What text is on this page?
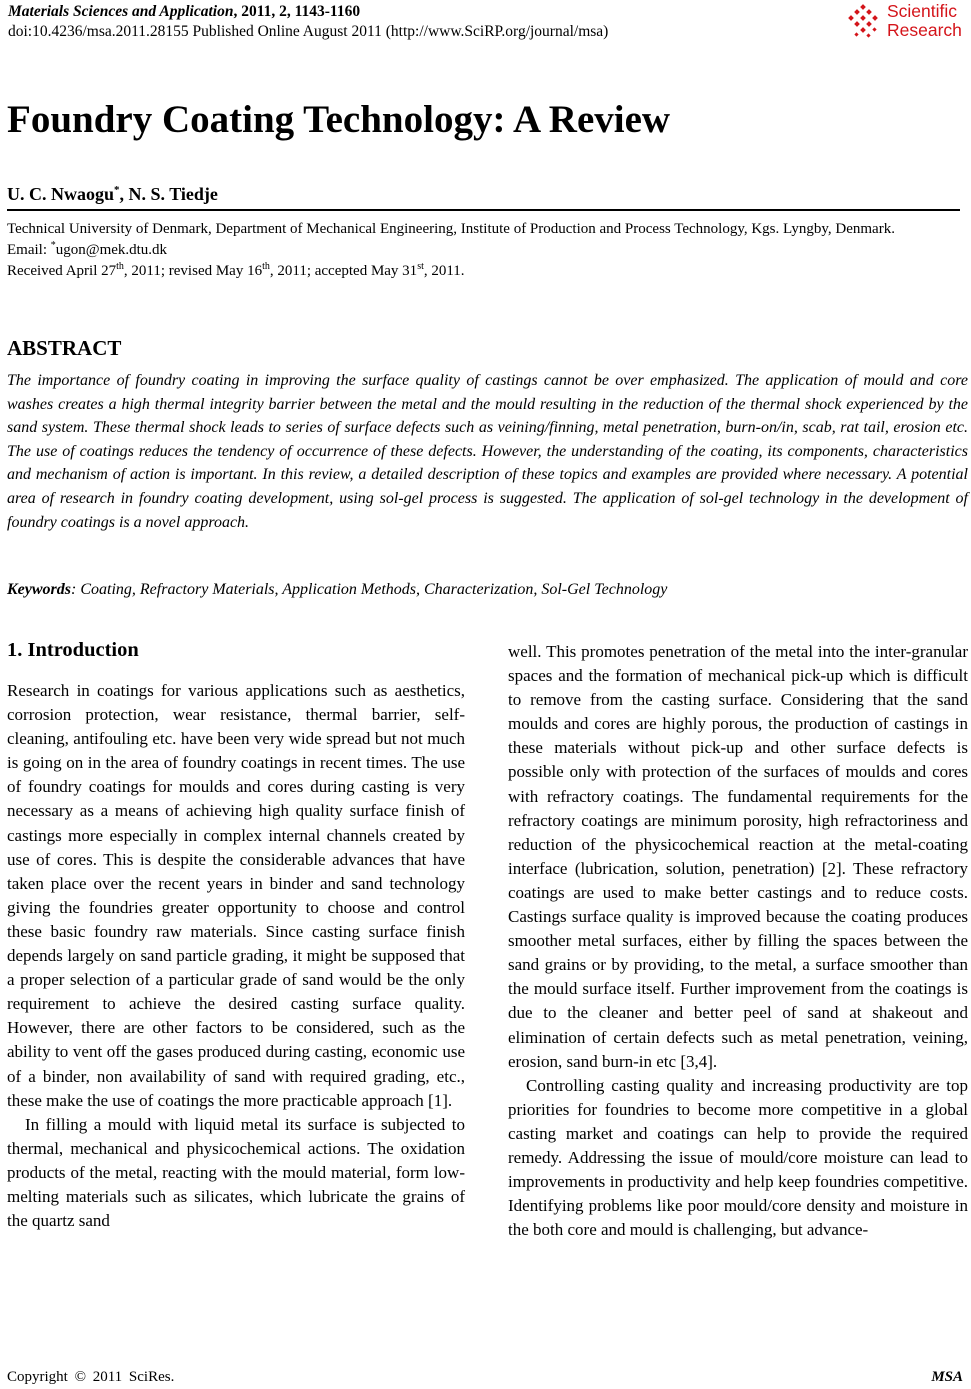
Materials Sciences and Application, 2011, 2, 1143-1160
doi:10.4236/msa.2011.28155 Published Online August 2011 (http://www.SciRP.org/journal/msa)
Scientific
Research
Foundry Coating Technology: A Review
U. C. Nwaogu*, N. S. Tiedje
Technical University of Denmark, Department of Mechanical Engineering, Institute of Production and Process Technology, Kgs. Lyngby, Denmark.
Email: *ugon@mek.dtu.dk
Received April 27th, 2011; revised May 16th, 2011; accepted May 31st, 2011.
ABSTRACT
The importance of foundry coating in improving the surface quality of castings cannot be over emphasized. The application of mould and core washes creates a high thermal integrity barrier between the metal and the mould resulting in the reduction of the thermal shock experienced by the sand system. These thermal shock leads to series of surface defects such as veining/finning, metal penetration, burn-on/in, scab, rat tail, erosion etc. The use of coatings reduces the tendency of occurrence of these defects. However, the understanding of the coating, its components, characteristics and mechanism of action is important. In this review, a detailed description of these topics and examples are provided where necessary. A potential area of research in foundry coating development, using sol-gel process is suggested. The application of sol-gel technology in the development of foundry coatings is a novel approach.
Keywords: Coating, Refractory Materials, Application Methods, Characterization, Sol-Gel Technology
1. Introduction

Research in coatings for various applications such as aesthetics, corrosion protection, wear resistance, thermal barrier, self-cleaning, antifouling etc. have been very wide spread but not much is going on in the area of foundry coatings in recent times. The use of foundry coatings for moulds and cores during casting is very necessary as a means of achieving high quality surface finish of castings more especially in complex internal channels created by use of cores. This is despite the considerable advances that have taken place over the recent years in binder and sand technology giving the foundries greater opportunity to choose and control these basic foundry raw materials. Since casting surface finish depends largely on sand particle grading, it might be supposed that a proper selection of a particular grade of sand would be the only requirement to achieve the desired casting surface quality. However, there are other factors to be considered, such as the ability to vent off the gases produced during casting, economic use of a binder, non availability of sand with required grading, etc., these make the use of coatings the more practicable approach [1].

In filling a mould with liquid metal its surface is subjected to thermal, mechanical and physicochemical actions. The oxidation products of the metal, reacting with the mould material, form low-melting materials such as silicates, which lubricate the grains of the quartz sand

well. This promotes penetration of the metal into the inter-granular spaces and the formation of mechanical pick-up which is difficult to remove from the casting surface. Considering that the sand moulds and cores are highly porous, the production of castings in these materials without pick-up and other surface defects is possible only with protection of the surfaces of moulds and cores with refractory coatings. The fundamental requirements for the refractory coatings are minimum porosity, high refractoriness and reduction of the physicochemical reaction at the metal-coating interface (lubrication, solution, penetration) [2]. These refractory coatings are used to make better castings and to reduce costs. Castings surface quality is improved because the coating produces smoother metal surfaces, either by filling the spaces between the sand grains or by providing, to the metal, a surface smoother than the mould surface itself. Further improvement from the coatings is due to the cleaner and better peel of sand at shakeout and elimination of certain defects such as metal penetration, veining, erosion, sand burn-in etc [3,4].

Controlling casting quality and increasing productivity are top priorities for foundries to become more competitive in a global casting market and coatings can help to provide the required remedy. Addressing the issue of mould/core moisture can lead to improvements in productivity and help keep foundries competitive. Identifying problems like poor mould/core density and moisture in the both core and mould is challenging, but advance-

Copyright © 2011 SciRes.	MSA
